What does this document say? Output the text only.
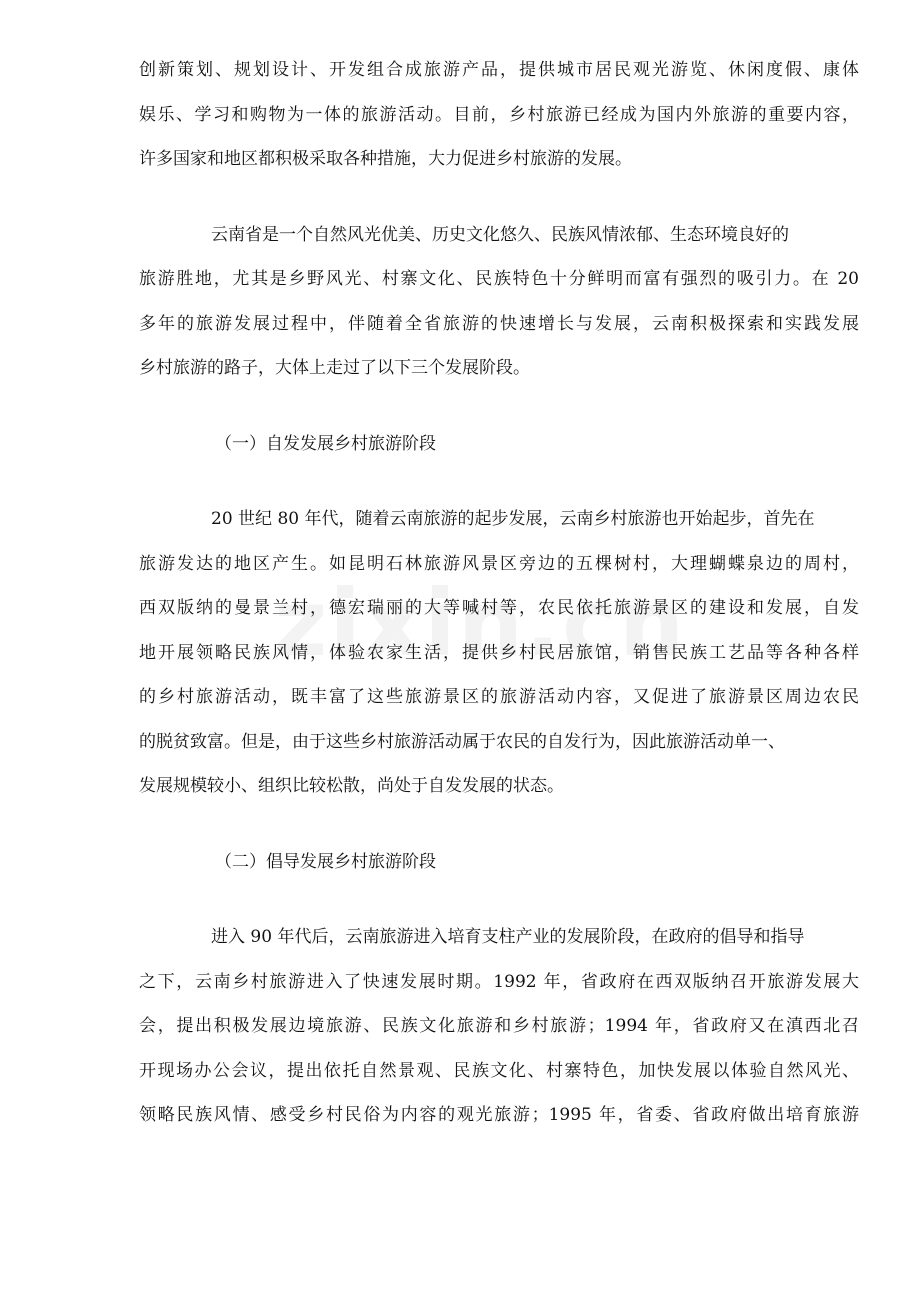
创新策划、规划设计、开发组合成旅游产品，提供城市居民观光游览、休闲度假、康体
娱乐、学习和购物为一体的旅游活动。目前，乡村旅游已经成为国内外旅游的重要内容，
许多国家和地区都积极采取各种措施，大力促进乡村旅游的发展。
云南省是一个自然风光优美、历史文化悠久、民族风情浓郁、生态环境良好的
旅游胜地，尤其是乡野风光、村寨文化、民族特色十分鲜明而富有强烈的吸引力。在 20
多年的旅游发展过程中，伴随着全省旅游的快速增长与发展，云南积极探索和实践发展
乡村旅游的路子，大体上走过了以下三个发展阶段。
（一）自发发展乡村旅游阶段
20 世纪 80 年代，随着云南旅游的起步发展，云南乡村旅游也开始起步，首先在
旅游发达的地区产生。如昆明石林旅游风景区旁边的五棵树村，大理蝴蝶泉边的周村，
西双版纳的曼景兰村，德宏瑞丽的大等喊村等，农民依托旅游景区的建设和发展，自发
地开展领略民族风情，体验农家生活，提供乡村民居旅馆，销售民族工艺品等各种各样
的乡村旅游活动，既丰富了这些旅游景区的旅游活动内容，又促进了旅游景区周边农民
的脱贫致富。但是，由于这些乡村旅游活动属于农民的自发行为，因此旅游活动单一、
发展规模较小、组织比较松散，尚处于自发发展的状态。
（二）倡导发展乡村旅游阶段
进入 90 年代后，云南旅游进入培育支柱产业的发展阶段，在政府的倡导和指导
之下，云南乡村旅游进入了快速发展时期。1992 年，省政府在西双版纳召开旅游发展大
会，提出积极发展边境旅游、民族文化旅游和乡村旅游；1994 年，省政府又在滇西北召
开现场办公会议，提出依托自然景观、民族文化、村寨特色，加快发展以体验自然风光、
领略民族风情、感受乡村民俗为内容的观光旅游；1995 年，省委、省政府做出培育旅游
